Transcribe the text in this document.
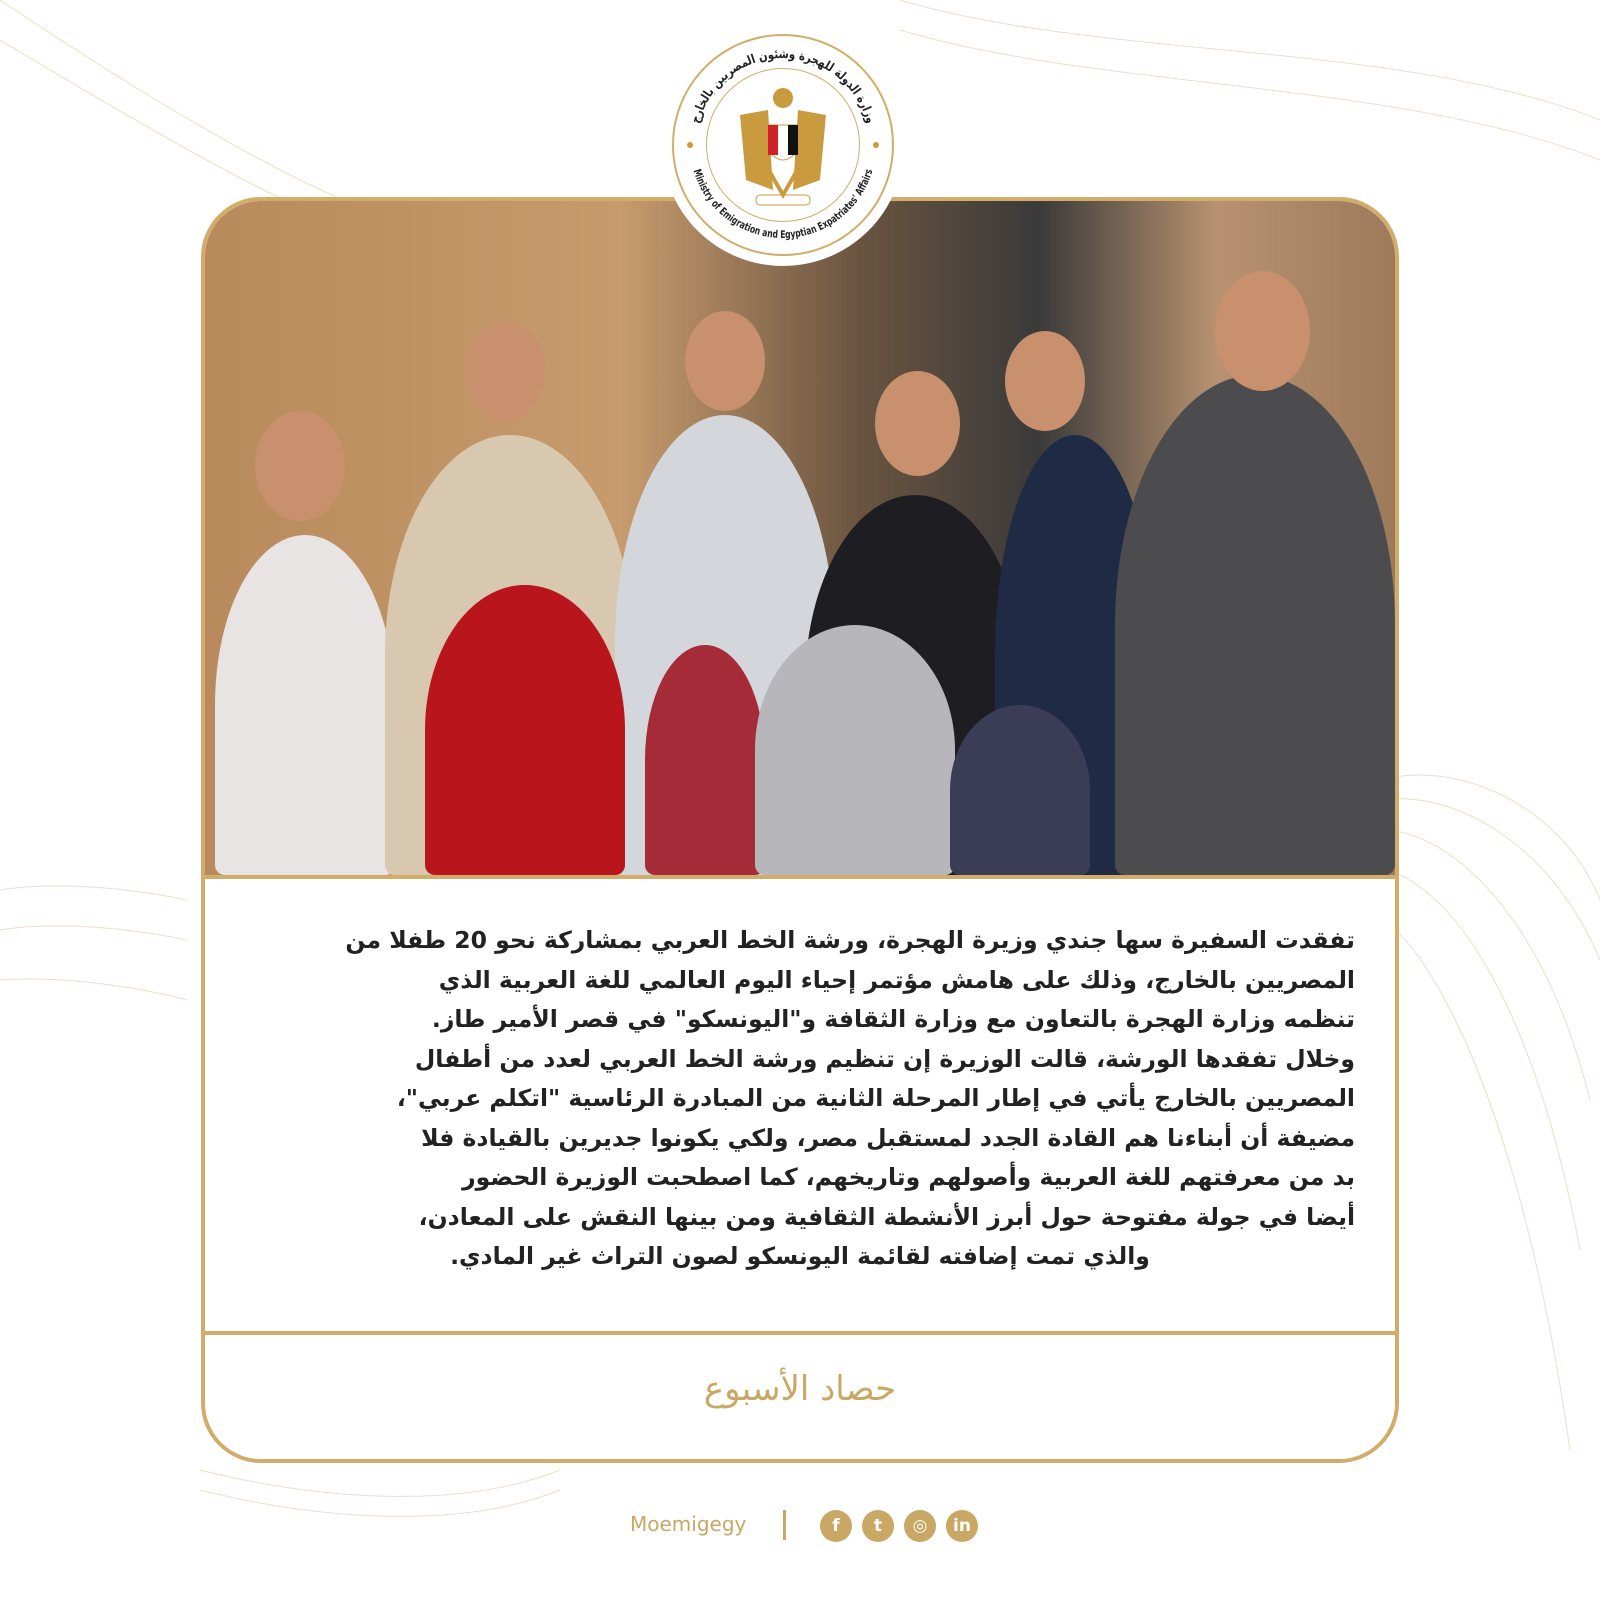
وزارة الدولة للهجرة وشئون المصريين بالخارج
Ministry of Emigration and Egyptian Expatriates' Affairs
تفقدت السفيرة سها جندي وزيرة الهجرة، ورشة الخط العربي بمشاركة نحو 20 طفلا من
المصريين بالخارج، وذلك على هامش مؤتمر إحياء اليوم العالمي للغة العربية الذي
تنظمه وزارة الهجرة بالتعاون مع وزارة الثقافة و"اليونسكو" في قصر الأمير طاز.
وخلال تفقدها الورشة، قالت الوزيرة إن تنظيم ورشة الخط العربي لعدد من أطفال
المصريين بالخارج يأتي في إطار المرحلة الثانية من المبادرة الرئاسية "اتكلم عربي"،
مضيفة أن أبناءنا هم القادة الجدد لمستقبل مصر، ولكي يكونوا جديرين بالقيادة فلا
بد من معرفتهم للغة العربية وأصولهم وتاريخهم، كما اصطحبت الوزيرة الحضور
أيضا في جولة مفتوحة حول أبرز الأنشطة الثقافية ومن بينها النقش على المعادن،
والذي تمت إضافته لقائمة اليونسكو لصون التراث غير المادي.
حصاد الأسبوع
Moemigegy	f	t	◎	in
